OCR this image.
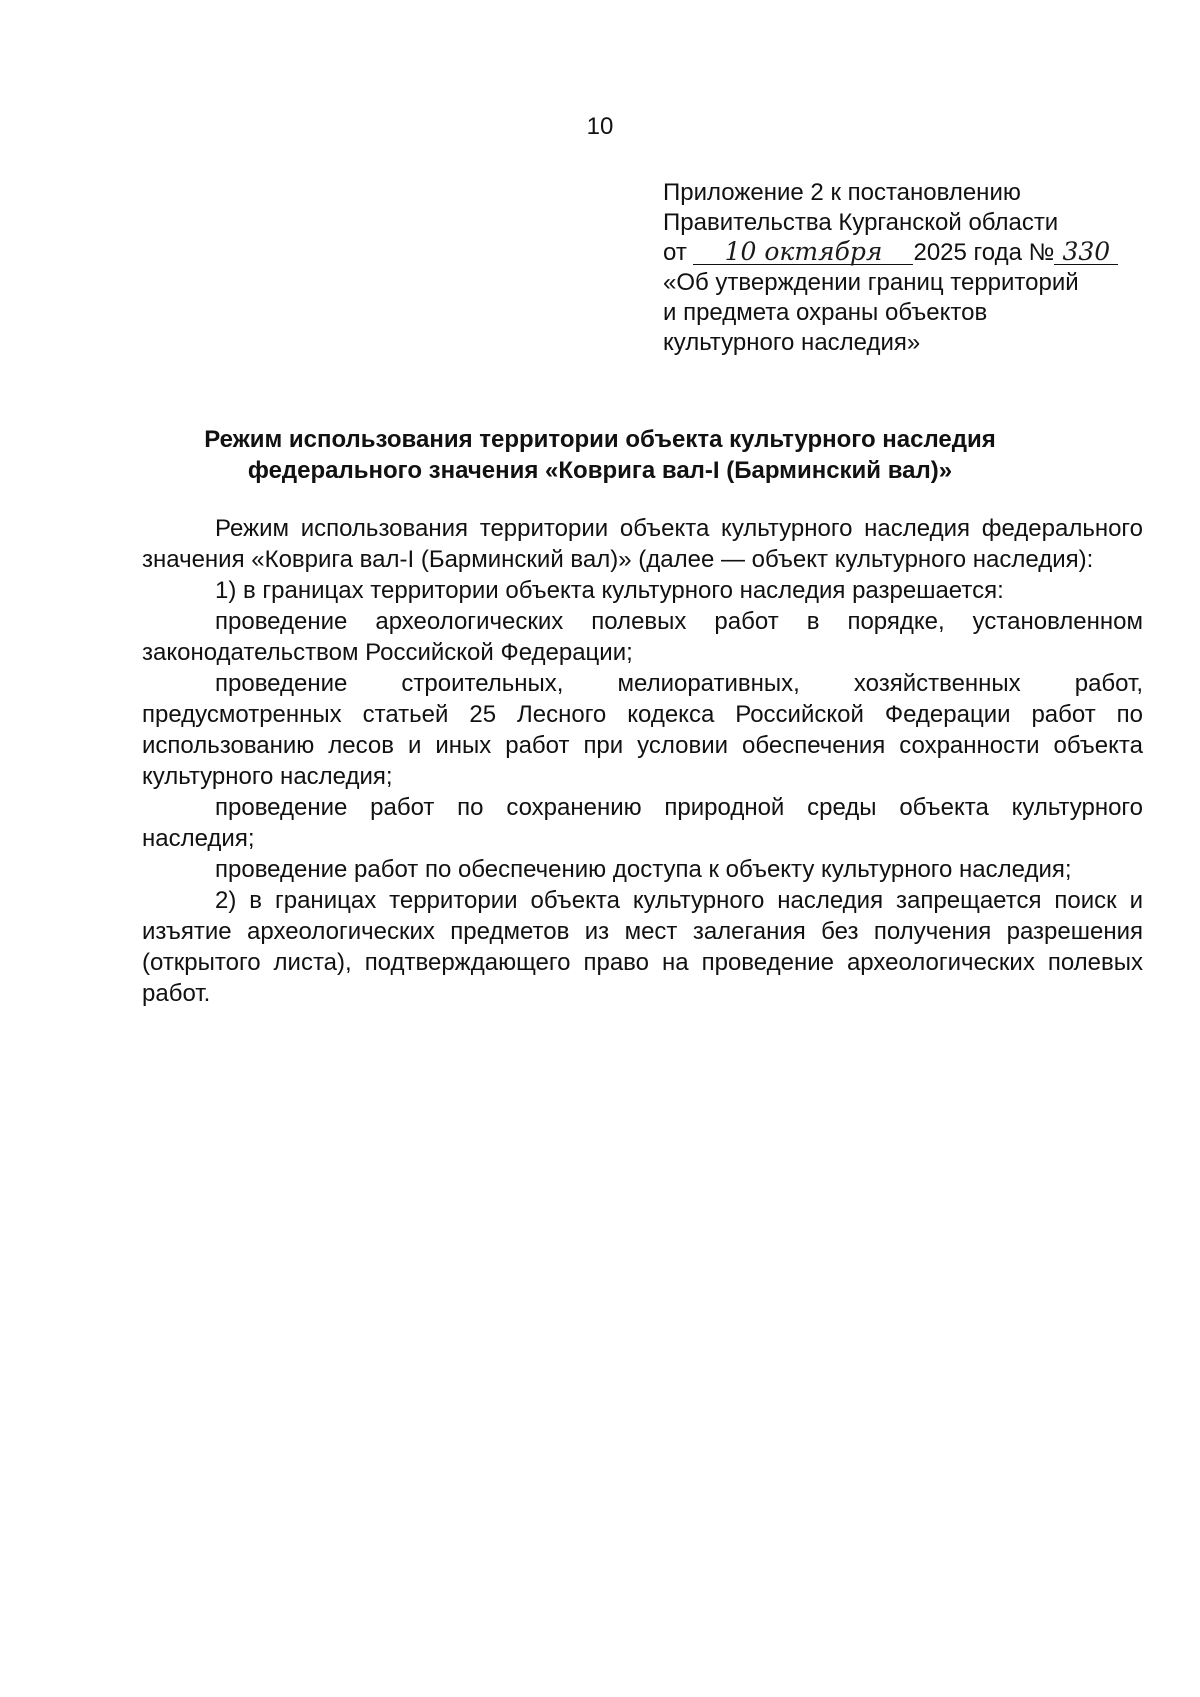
10
Приложение 2 к постановлению
Правительства Курганской области
от 10 октября 2025 года № 330
«Об утверждении границ территорий
и предмета охраны объектов
культурного наследия»
Режим использования территории объекта культурного наследия
федерального значения «Коврига вал-I (Барминский вал)»

Режим использования территории объекта культурного наследия федерального значения «Коврига вал-I (Барминский вал)» (далее — объект культурного наследия):

1) в границах территории объекта культурного наследия разрешается:

проведение археологических полевых работ в порядке, установленном законодательством Российской Федерации;

проведение строительных, мелиоративных, хозяйственных работ, предусмотренных статьей 25 Лесного кодекса Российской Федерации работ по использованию лесов и иных работ при условии обеспечения сохранности объекта культурного наследия;

проведение работ по сохранению природной среды объекта культурного наследия;

проведение работ по обеспечению доступа к объекту культурного наследия;

2) в границах территории объекта культурного наследия запрещается поиск и изъятие археологических предметов из мест залегания без получения разрешения (открытого листа), подтверждающего право на проведение археологических полевых работ.
